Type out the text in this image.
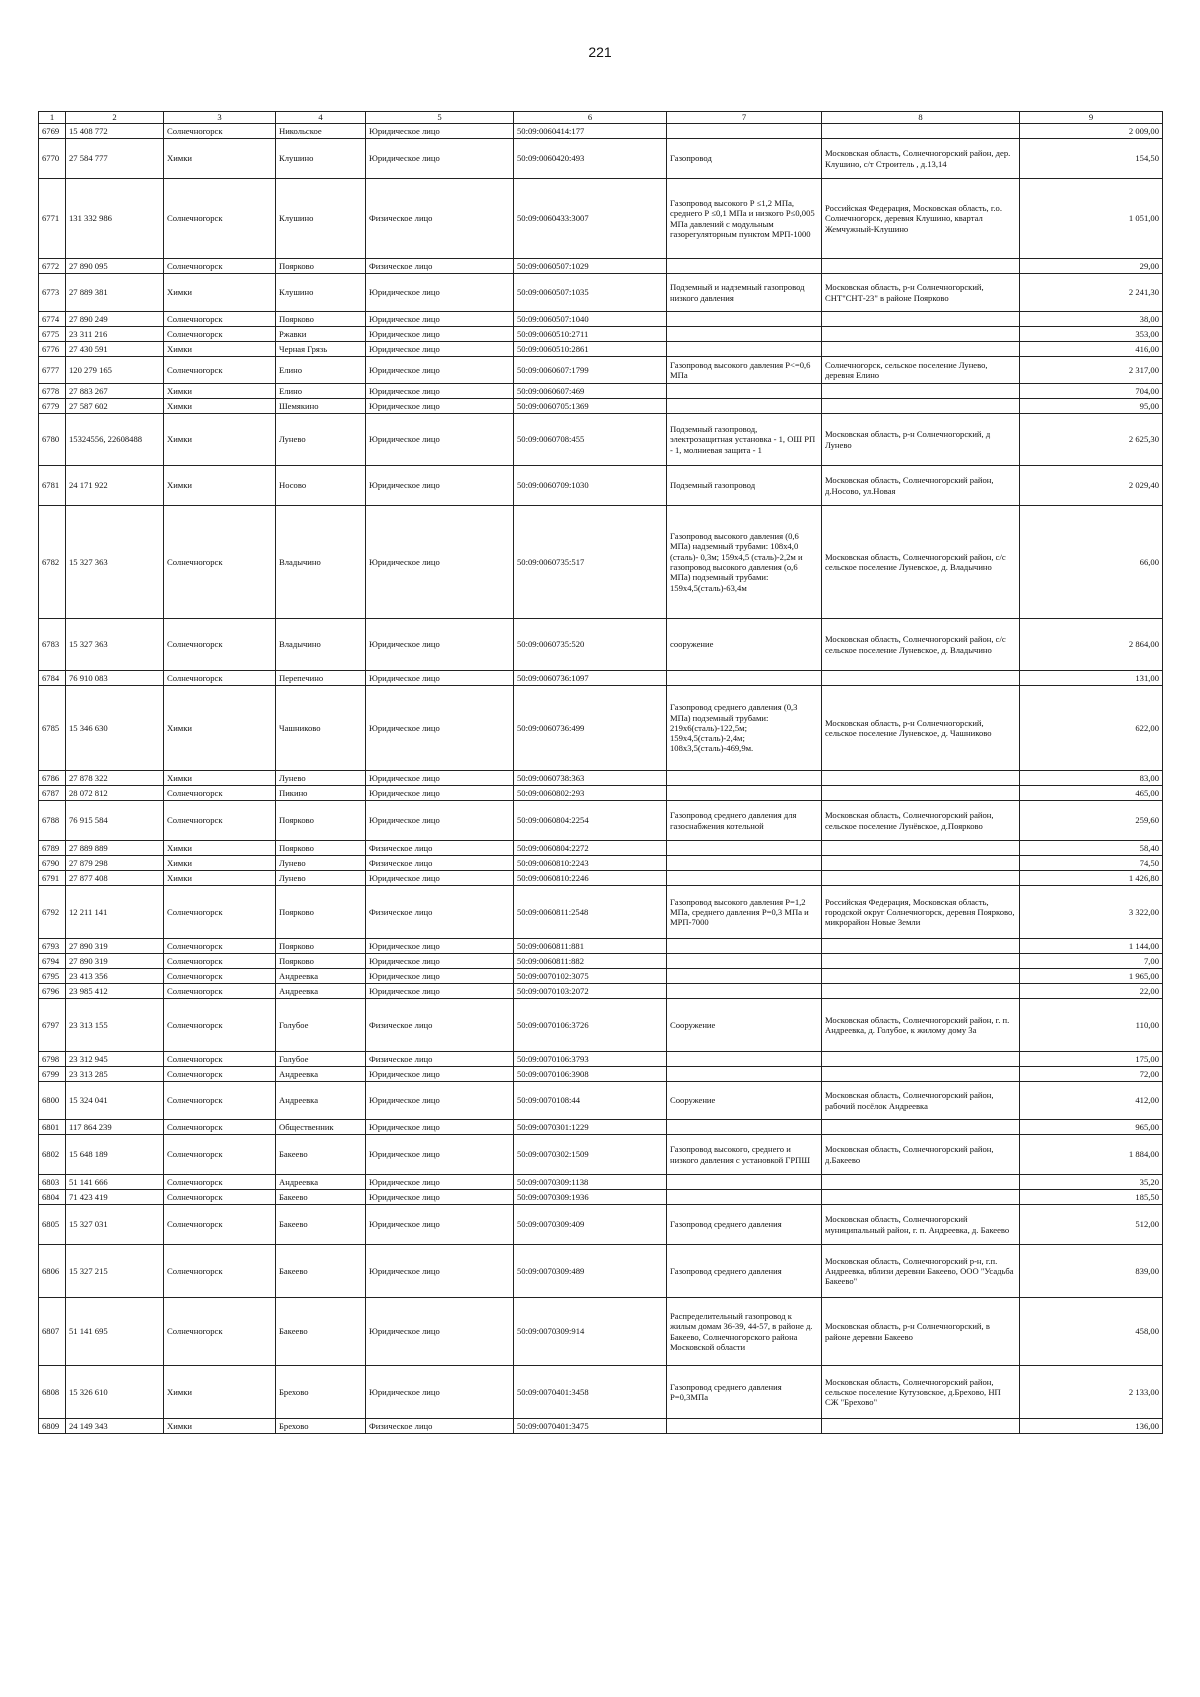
221
1	2	3	4	5	6	7	8	9
6769	15 408 772	Солнечногорск	Никольское	Юридическое лицо	50:09:0060414:177			2 009,00
6770	27 584 777	Химки	Клушино	Юридическое лицо	50:09:0060420:493	Газопровод	Московская область, Солнечногорский район, дер. Клушино, с/т Строитель , д.13,14	154,50
6771	131 332 986	Солнечногорск	Клушино	Физическое лицо	50:09:0060433:3007	Газопровод высокого Р ≤1,2 МПа, среднего Р ≤0,1 МПа и низкого Р≤0,005 МПа давлений с модульным газорегуляторным пунктом МРП-1000	Российская Федерация, Московская область, г.о. Солнечногорск, деревня Клушино, квартал Жемчужный-Клушино	1 051,00
6772	27 890 095	Солнечногорск	Поярково	Физическое лицо	50:09:0060507:1029			29,00
6773	27 889 381	Химки	Клушино	Юридическое лицо	50:09:0060507:1035	Подземный и надземный газопровод низкого давления	Московская область, р-н Солнечногорский, СНТ"СНТ-23" в районе Поярково	2 241,30
6774	27 890 249	Солнечногорск	Поярково	Юридическое лицо	50:09:0060507:1040			38,00
6775	23 311 216	Солнечногорск	Ржавки	Юридическое лицо	50:09:0060510:2711			353,00
6776	27 430 591	Химки	Черная Грязь	Юридическое лицо	50:09:0060510:2861			416,00
6777	120 279 165	Солнечногорск	Елино	Юридическое лицо	50:09:0060607:1799	Газопровод высокого давления Р<=0,6 МПа	Солнечногорск, сельское поселение Лунево, деревня Елино	2 317,00
6778	27 883 267	Химки	Елино	Юридическое лицо	50:09:0060607:469			704,00
6779	27 587 602	Химки	Шемякино	Юридическое лицо	50:09:0060705:1369			95,00
6780	15324556, 22608488	Химки	Лунево	Юридическое лицо	50:09:0060708:455	Подземный газопровод, электрозащитная установка - 1, ОШ РП - 1, молниевая защита - 1	Московская область, р-н Солнечногорский, д Лунево	2 625,30
6781	24 171 922	Химки	Носово	Юридическое лицо	50:09:0060709:1030	Подземный газопровод	Московская область, Солнечногорский район, д.Носово, ул.Новая	2 029,40
6782	15 327 363	Солнечногорск	Владычино	Юридическое лицо	50:09:0060735:517	Газопровод высокого давления (0,6 МПа) надземный трубами: 108х4,0 (сталь)- 0,3м; 159х4,5 (сталь)-2,2м и газопровод высокого давления (о,6 МПа) подземный трубами: 159х4,5(сталь)-63,4м	Московская область, Солнечногорский район, с/с сельское поселение Луневское, д. Владычино	66,00
6783	15 327 363	Солнечногорск	Владычино	Юридическое лицо	50:09:0060735:520	сооружение	Московская область, Солнечногорский район, с/с сельское поселение Луневское, д. Владычино	2 864,00
6784	76 910 083	Солнечногорск	Перепечино	Юридическое лицо	50:09:0060736:1097			131,00
6785	15 346 630	Химки	Чашниково	Юридическое лицо	50:09:0060736:499	Газопровод среднего давления (0,3 МПа) подземный трубами: 219х6(сталь)-122,5м; 159х4,5(сталь)-2,4м; 108х3,5(сталь)-469,9м.	Московская область, р-н Солнечногорский, сельское поселение Луневское, д. Чашниково	622,00
6786	27 878 322	Химки	Лунево	Юридическое лицо	50:09:0060738:363			83,00
6787	28 072 812	Солнечногорск	Пикино	Юридическое лицо	50:09:0060802:293			465,00
6788	76 915 584	Солнечногорск	Поярково	Юридическое лицо	50:09:0060804:2254	Газопровод среднего давления для газоснабжения котельной	Московская область, Солнечногорский район, сельское поселение Лунёвское, д.Поярково	259,60
6789	27 889 889	Химки	Поярково	Физическое лицо	50:09:0060804:2272			58,40
6790	27 879 298	Химки	Лунево	Физическое лицо	50:09:0060810:2243			74,50
6791	27 877 408	Химки	Лунево	Юридическое лицо	50:09:0060810:2246			1 426,80
6792	12 211 141	Солнечногорск	Поярково	Физическое лицо	50:09:0060811:2548	Газопровод высокого давления Р=1,2 МПа, среднего давления Р=0,3 МПа и МРП-7000	Российская Федерация, Московская область, городской округ Солнечногорск, деревня Поярково, микрорайон Новые Земли	3 322,00
6793	27 890 319	Солнечногорск	Поярково	Юридическое лицо	50:09:0060811:881			1 144,00
6794	27 890 319	Солнечногорск	Поярково	Юридическое лицо	50:09:0060811:882			7,00
6795	23 413 356	Солнечногорск	Андреевка	Юридическое лицо	50:09:0070102:3075			1 965,00
6796	23 985 412	Солнечногорск	Андреевка	Юридическое лицо	50:09:0070103:2072			22,00
6797	23 313 155	Солнечногорск	Голубое	Физическое лицо	50:09:0070106:3726	Сооружение	Московская область, Солнечногорский район, г. п. Андреевка, д. Голубое, к жилому дому 3а	110,00
6798	23 312 945	Солнечногорск	Голубое	Физическое лицо	50:09:0070106:3793			175,00
6799	23 313 285	Солнечногорск	Андреевка	Юридическое лицо	50:09:0070106:3908			72,00
6800	15 324 041	Солнечногорск	Андреевка	Юридическое лицо	50:09:0070108:44	Сооружение	Московская область, Солнечногорский район, рабочий посёлок Андреевка	412,00
6801	117 864 239	Солнечногорск	Общественник	Юридическое лицо	50:09:0070301:1229			965,00
6802	15 648 189	Солнечногорск	Бакеево	Юридическое лицо	50:09:0070302:1509	Газопровод высокого, среднего и низкого давления с установкой ГРПШ	Московская область, Солнечногорский район, д.Бакеево	1 884,00
6803	51 141 666	Солнечногорск	Андреевка	Юридическое лицо	50:09:0070309:1138			35,20
6804	71 423 419	Солнечногорск	Бакеево	Юридическое лицо	50:09:0070309:1936			185,50
6805	15 327 031	Солнечногорск	Бакеево	Юридическое лицо	50:09:0070309:409	Газопровод среднего давления	Московская область, Солнечногорский муниципальный район, г. п. Андреевка, д. Бакеево	512,00
6806	15 327 215	Солнечногорск	Бакеево	Юридическое лицо	50:09:0070309:489	Газопровод среднего давления	Московская область, Солнечногорский р-н, г.п. Андреевка, вблизи деревни Бакеево, ООО "Усадьба Бакеево"	839,00
6807	51 141 695	Солнечногорск	Бакеево	Юридическое лицо	50:09:0070309:914	Распределительный газопровод к жилым домам 36-39, 44-57, в районе д. Бакеево, Солнечногорского района Московской области	Московская область, р-н Солнечногорский, в районе деревни Бакеево	458,00
6808	15 326 610	Химки	Брехово	Юридическое лицо	50:09:0070401:3458	Газопровод среднего давления Р=0,3МПа	Московская область, Солнечногорский район, сельское поселение Кутузовское, д.Брехово, НП СЖ "Брехово"	2 133,00
6809	24 149 343	Химки	Брехово	Физическое лицо	50:09:0070401:3475			136,00
